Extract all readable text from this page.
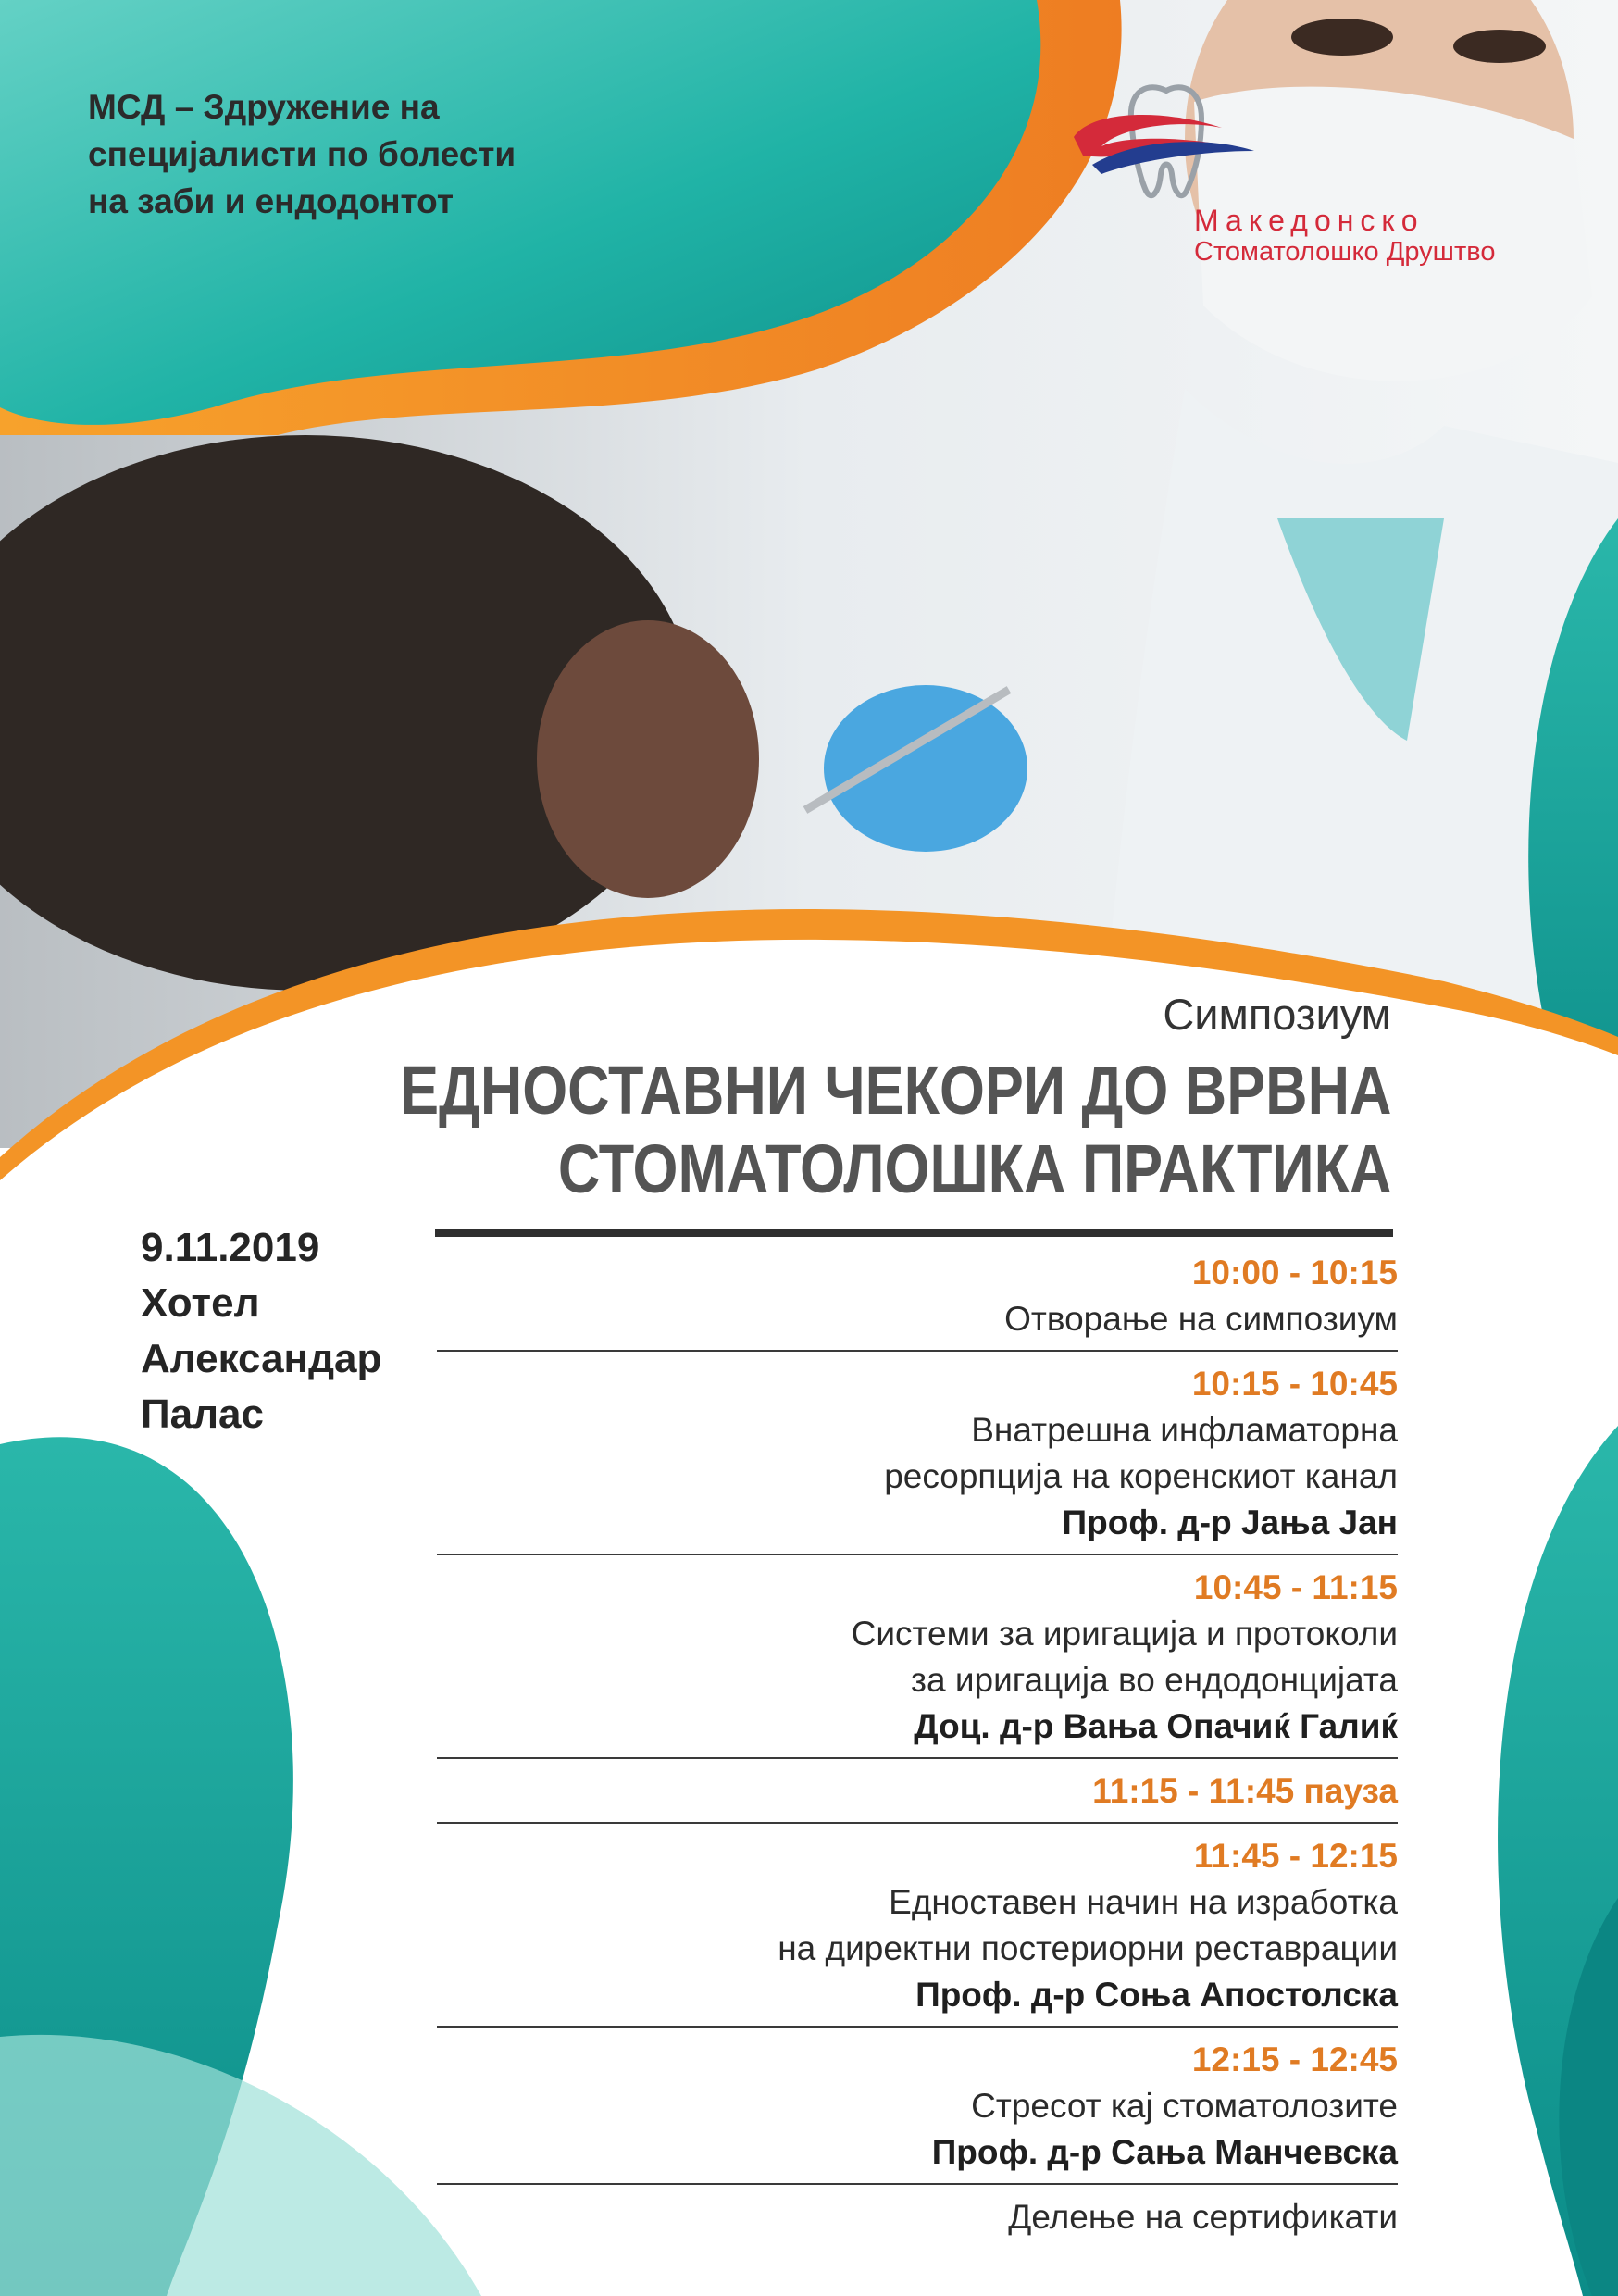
МСД – Здружение на
специјалисти по болести
на заби и ендодонтот	Македонско
Стоматолошко Друштво
Симпозиум
ЕДНОСТАВНИ ЧЕКОРИ ДО ВРВНА
СТОМАТОЛОШКА ПРАКТИКА
9.11.2019
Хотел
Александар
Палас
10:00 - 10:15
Отворање на симпозиум
10:15 - 10:45
Внатрешна инфламаторна
ресорпција на коренскиот канал
Проф. д-р Јања Јан
10:45 - 11:15
Системи за иригација и протоколи
за иригација во ендодонцијата
Доц. д-р Вања Опачиќ Галиќ
11:15 - 11:45 пауза
11:45 - 12:15
Едноставен начин на изработка
на директни постериорни реставрации
Проф. д-р Соња Апостолска
12:15 - 12:45
Стресот кај стоматолозите
Проф. д-р Сања Манчевска
Делење на сертификати
